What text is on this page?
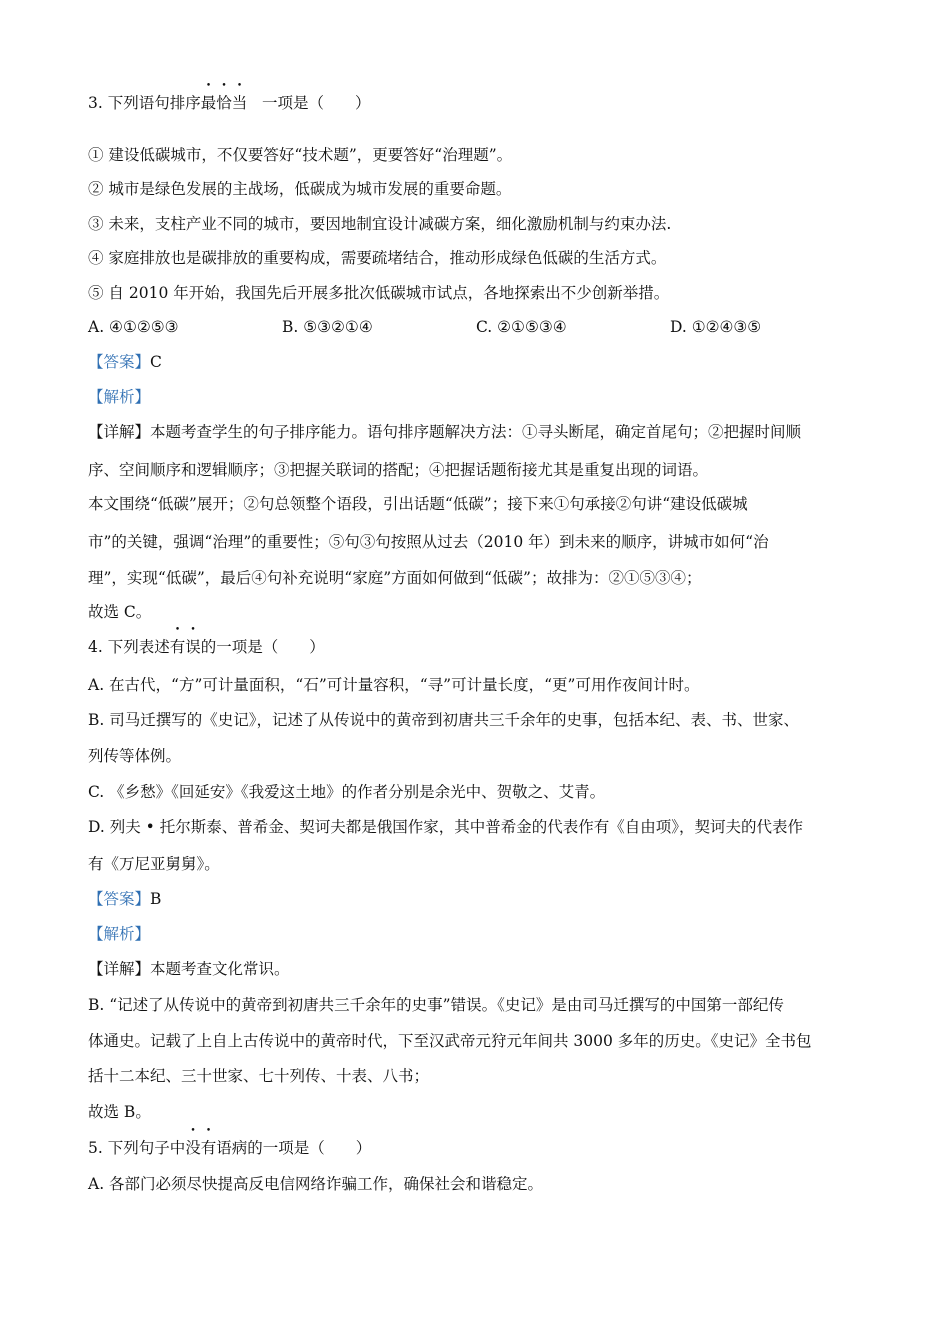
3. 下列语句排序最恰当 一项是（　　）
① 建设低碳城市，不仅要答好“技术题”，更要答好“治理题”。
② 城市是绿色发展的主战场，低碳成为城市发展的重要命题。
③ 未来，支柱产业不同的城市，要因地制宜设计减碳方案，细化激励机制与约束办法.
④ 家庭排放也是碳排放的重要构成，需要疏堵结合，推动形成绿色低碳的生活方式。
⑤ 自 2010 年开始，我国先后开展多批次低碳城市试点，各地探索出不少创新举措。
A. ④①②⑤③	B. ⑤③②①④	C. ②①⑤③④	D. ①②④③⑤
【答案】C
【解析】
【详解】本题考查学生的句子排序能力。语句排序题解决方法：①寻头断尾，确定首尾句；②把握时间顺
序、空间顺序和逻辑顺序；③把握关联词的搭配；④把握话题衔接尤其是重复出现的词语。
本文围绕“低碳”展开；②句总领整个语段，引出话题“低碳”；接下来①句承接②句讲“建设低碳城
市”的关键，强调“治理”的重要性；⑤句③句按照从过去（2010 年）到未来的顺序，讲城市如何“治
理”，实现“低碳”，最后④句补充说明“家庭”方面如何做到“低碳”；故排为：②①⑤③④；
故选 C。
4. 下列表述有误的一项是（　　）
A. 在古代，“方”可计量面积，“石”可计量容积，“寻”可计量长度，“更”可用作夜间计时。
B. 司马迁撰写的《史记》，记述了从传说中的黄帝到初唐共三千余年的史事，包括本纪、表、书、世家、
列传等体例。
C. 《乡愁》《回延安》《我爱这土地》的作者分别是余光中、贺敬之、艾青。
D. 列夫 • 托尔斯泰、普希金、契诃夫都是俄国作家，其中普希金的代表作有《自由项》，契诃夫的代表作
有《万尼亚舅舅》。
【答案】B
【解析】
【详解】本题考查文化常识。
B. “记述了从传说中的黄帝到初唐共三千余年的史事”错误。《史记》是由司马迁撰写的中国第一部纪传
体通史。记载了上自上古传说中的黄帝时代，下至汉武帝元狩元年间共 3000 多年的历史。《史记》全书包
括十二本纪、三十世家、七十列传、十表、八书；
故选 B。
5. 下列句子中没有语病的一项是（　　）
A. 各部门必须尽快提高反电信网络诈骗工作，确保社会和谐稳定。
